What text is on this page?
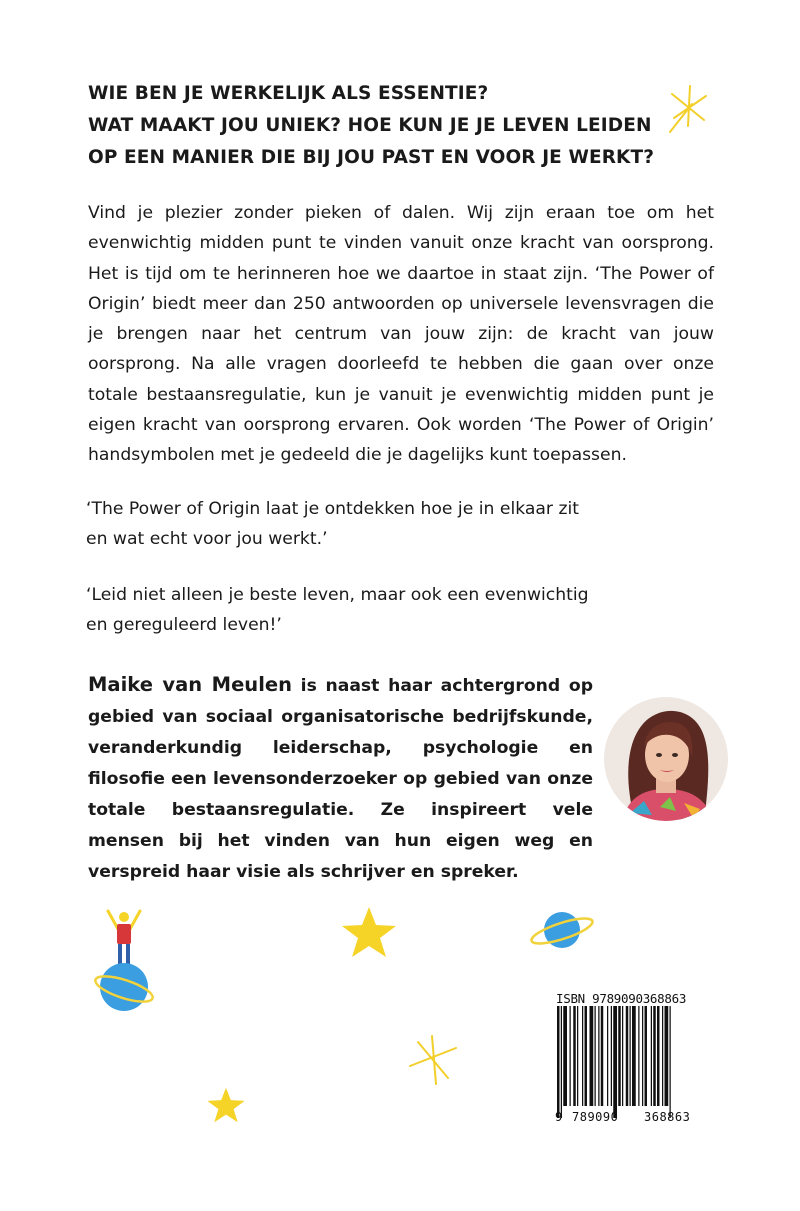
WIE BEN JE WERKELIJK ALS ESSENTIE?
WAT MAAKT JOU UNIEK? HOE KUN JE JE LEVEN LEIDEN
OP EEN MANIER DIE BIJ JOU PAST EN VOOR JE WERKT?
Vind je plezier zonder pieken of dalen. Wij zijn eraan toe om het evenwichtig midden punt te vinden vanuit onze kracht van oorsprong. Het is tijd om te herinneren hoe we daartoe in staat zijn. ‘The Power of Origin’ biedt meer dan 250 antwoorden op universele levensvragen die je brengen naar het centrum van jouw zijn: de kracht van jouw oorsprong. Na alle vragen doorleefd te hebben die gaan over onze totale bestaansregulatie, kun je vanuit je evenwichtig midden punt je eigen kracht van oorsprong ervaren. Ook worden ‘The Power of Origin’ handsymbolen met je gedeeld die je dagelijks kunt toepassen.
‘The Power of Origin laat je ontdekken hoe je in elkaar zit
en wat echt voor jou werkt.’
‘Leid niet alleen je beste leven, maar ook een evenwichtig
en gereguleerd leven!’
Maike van Meulen is naast haar achtergrond op gebied van sociaal organisatorische bedrijfskunde, veranderkundig leiderschap, psychologie en filosofie een levensonderzoeker op gebied van onze totale bestaansregulatie. Ze inspireert vele mensen bij het vinden van hun eigen weg en verspreid haar visie als schrijver en spreker.
ISBN 9789090368863
9 789090 368863
